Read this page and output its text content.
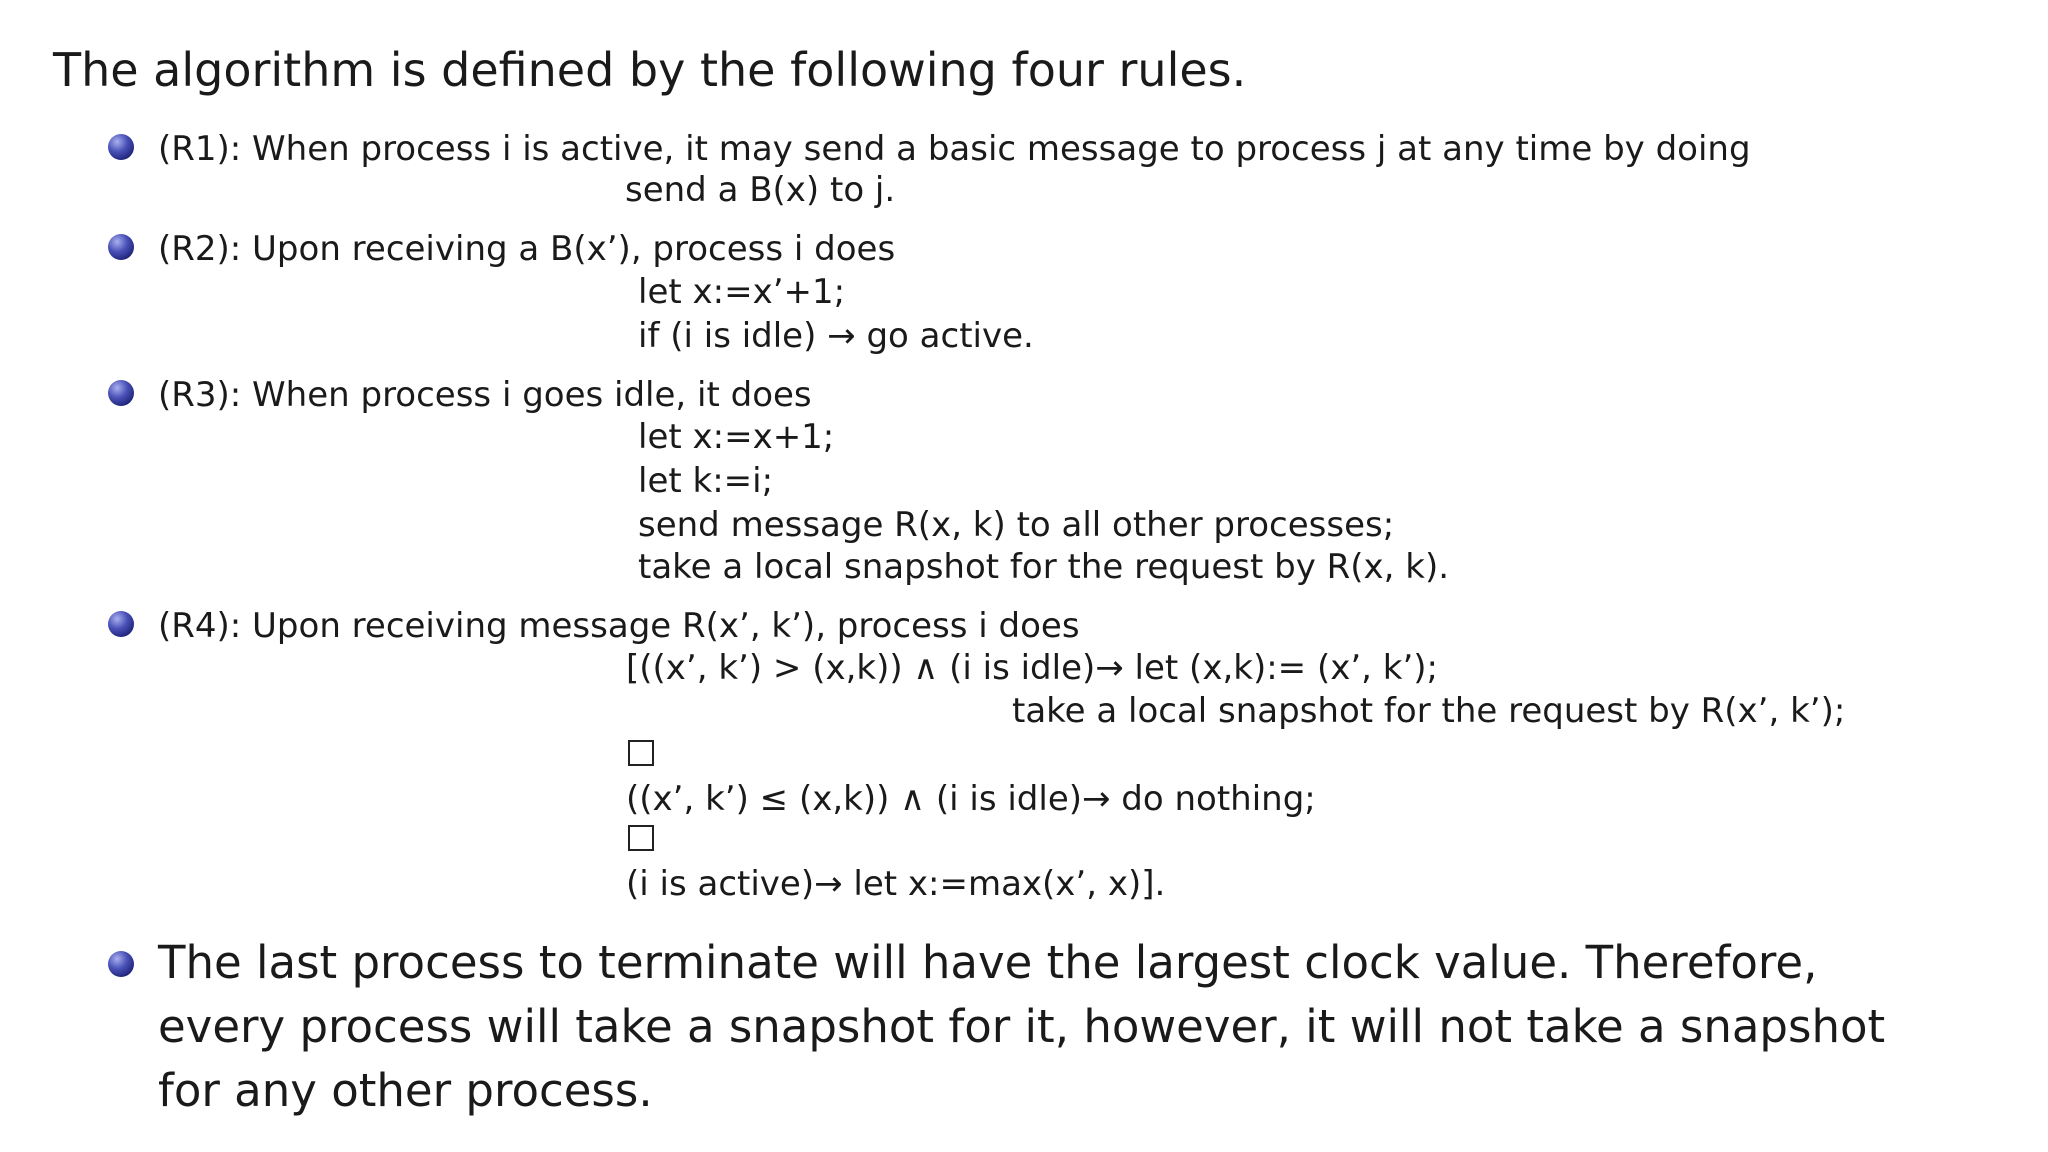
The algorithm is defined by the following four rules.
(R1): When process i is active, it may send a basic message to process j at any time by doing
send a B(x) to j.
(R2): Upon receiving a B(x’), process i does
let x:=x’+1;
if (i is idle) → go active.
(R3): When process i goes idle, it does
let x:=x+1;
let k:=i;
send message R(x, k) to all other processes;
take a local snapshot for the request by R(x, k).
(R4): Upon receiving message R(x’, k’), process i does
[((x’, k’) > (x,k)) ∧ (i is idle)→ let (x,k):= (x’, k’);
take a local snapshot for the request by R(x’, k’);
((x’, k’) ≤ (x,k)) ∧ (i is idle)→ do nothing;
(i is active)→ let x:=max(x’, x)].
The last process to terminate will have the largest clock value. Therefore,
every process will take a snapshot for it, however, it will not take a snapshot
for any other process.
